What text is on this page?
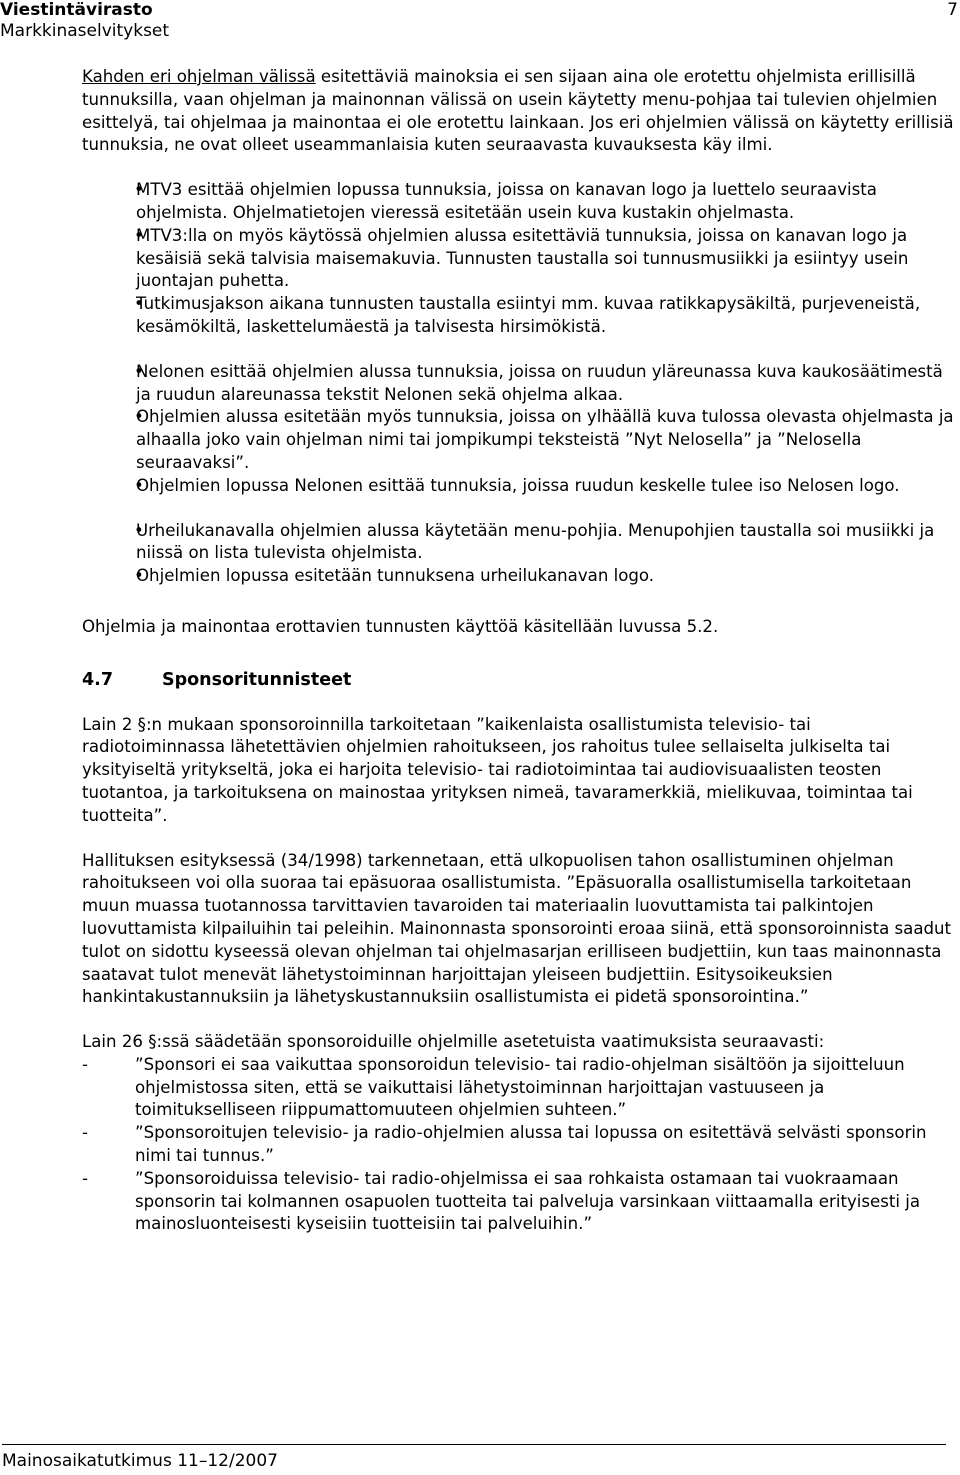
Viestintävirasto
Markkinaselvitykset
7

Kahden eri ohjelman välissä esitettäviä mainoksia ei sen sijaan aina ole erotettu ohjelmista erillisillä tunnuksilla, vaan ohjelman ja mainonnan välissä on usein käytetty menu-pohjaa tai tulevien ohjelmien esittelyä, tai ohjelmaa ja mainontaa ei ole erotettu lainkaan. Jos eri ohjelmien välissä on käytetty erillisiä tunnuksia, ne ovat olleet useammanlaisia kuten seuraavasta kuvauksesta käy ilmi.

• MTV3 esittää ohjelmien lopussa tunnuksia, joissa on kanavan logo ja luettelo seuraavista ohjelmista. Ohjelmatietojen vieressä esitetään usein kuva kustakin ohjelmasta.
• MTV3:lla on myös käytössä ohjelmien alussa esitettäviä tunnuksia, joissa on kanavan logo ja kesäisiä sekä talvisia maisemakuvia. Tunnusten taustalla soi tunnusmusiikki ja esiintyy usein juontajan puhetta.
• Tutkimusjakson aikana tunnusten taustalla esiintyi mm. kuvaa ratikkapysäkiltä, purjeveneistä, kesämökiltä, laskettelumäestä ja talvisesta hirsimökistä.
• Nelonen esittää ohjelmien alussa tunnuksia, joissa on ruudun yläreunassa kuva kaukosäätimestä ja ruudun alareunassa tekstit Nelonen sekä ohjelma alkaa.
• Ohjelmien alussa esitetään myös tunnuksia, joissa on ylhäällä kuva tulossa olevasta ohjelmasta ja alhaalla joko vain ohjelman nimi tai jompikumpi teksteistä ”Nyt Nelosella” ja ”Nelosella seuraavaksi”.
• Ohjelmien lopussa Nelonen esittää tunnuksia, joissa ruudun keskelle tulee iso Nelosen logo.
• Urheilukanavalla ohjelmien alussa käytetään menu-pohjia. Menupohjien taustalla soi musiikki ja niissä on lista tulevista ohjelmista.
• Ohjelmien lopussa esitetään tunnuksena urheilukanavan logo.

Ohjelmia ja mainontaa erottavien tunnusten käyttöä käsitellään luvussa 5.2.

4.7	Sponsoritunnisteet

Lain 2 §:n mukaan sponsoroinnilla tarkoitetaan ”kaikenlaista osallistumista televisio- tai radiotoiminnassa lähetettävien ohjelmien rahoitukseen, jos rahoitus tulee sellaiselta julkiselta tai yksityiseltä yritykseltä, joka ei harjoita televisio- tai radiotoimintaa tai audiovisuaalisten teosten tuotantoa, ja tarkoituksena on mainostaa yrityksen nimeä, tavaramerkkiä, mielikuvaa, toimintaa tai tuotteita”.

Hallituksen esityksessä (34/1998) tarkennetaan, että ulkopuolisen tahon osallistuminen ohjelman rahoitukseen voi olla suoraa tai epäsuoraa osallistumista. ”Epäsuoralla osallistumisella tarkoitetaan muun muassa tuotannossa tarvittavien tavaroiden tai materiaalin luovuttamista tai palkintojen luovuttamista kilpailuihin tai peleihin. Mainonnasta sponsorointi eroaa siinä, että sponsoroinnista saadut tulot on sidottu kyseessä olevan ohjelman tai ohjelmasarjan erilliseen budjettiin, kun taas mainonnasta saatavat tulot menevät lähetystoiminnan harjoittajan yleiseen budjettiin. Esitysoikeuksien hankintakustannuksiin ja lähetyskustannuksiin osallistumista ei pidetä sponsorointina.”

Lain 26 §:ssä säädetään sponsoroiduille ohjelmille asetetuista vaatimuksista seuraavasti:

- ”Sponsori ei saa vaikuttaa sponsoroidun televisio- tai radio-ohjelman sisältöön ja sijoitteluun ohjelmistossa siten, että se vaikuttaisi lähetystoiminnan harjoittajan vastuuseen ja toimitukselliseen riippumattomuuteen ohjelmien suhteen.”
- ”Sponsoroitujen televisio- ja radio-ohjelmien alussa tai lopussa on esitettävä selvästi sponsorin nimi tai tunnus.”
- ”Sponsoroiduissa televisio- tai radio-ohjelmissa ei saa rohkaista ostamaan tai vuokraamaan sponsorin tai kolmannen osapuolen tuotteita tai palveluja varsinkaan viittaamalla erityisesti ja mainosluonteisesti kyseisiin tuotteisiin tai palveluihin.”
Mainosaikatutkimus 11–12/2007
